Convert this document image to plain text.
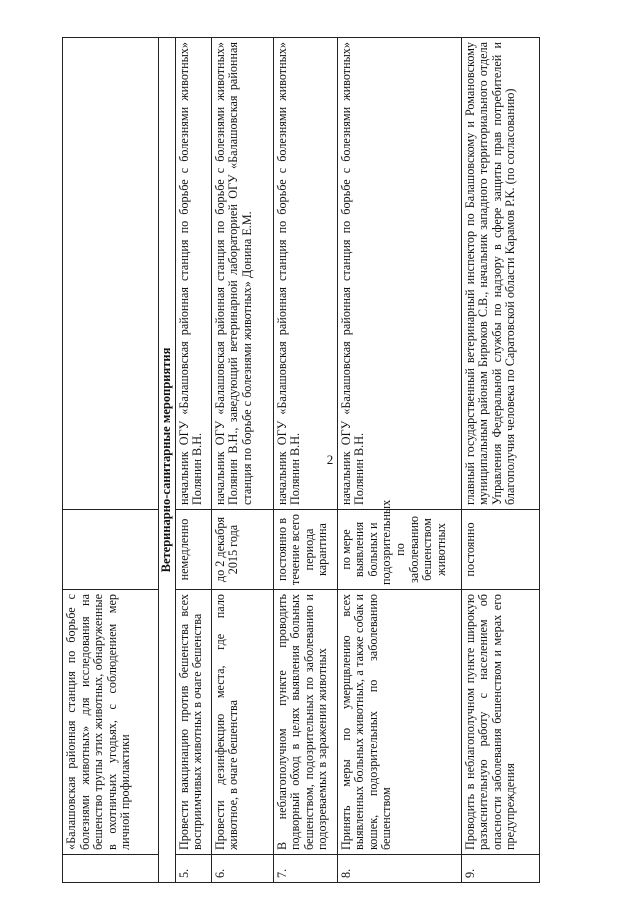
2
	«Балашовская районная станция по борьбе с болезнями животных» для исследования на бешенство трупы этих животных, обнаруженные в охотничьих угодьях, с соблюдением мер личной профилактики		
Ветеринарно-санитарные мероприятия			
5.	Провести вакцинацию против бешенства всех восприимчивых животных в очаге бешенства	немедленно	начальник ОГУ «Балашовская районная станция по борьбе с болезнями животных» Полянин В.Н.
6.	Провести дезинфекцию места, где пало животное, в очаге бешенства	до 2 декабря 2015 года	начальник ОГУ «Балашовская районная станция по борьбе с болезнями животных» Полянин В.Н., заведующий ветеринарной лабораторией ОГУ «Балашовская районная станция по борьбе с болезнями животных» Донина Е.М.
7.	В неблагополучном пункте проводить подворный обход в целях выявления больных бешенством, подозрительных по заболеванию и подозреваемых в заражении животных	постоянно в течение всего периода карантина	начальник ОГУ «Балашовская районная станция по борьбе с болезнями животных» Полянин В.Н.
8.	Принять меры по умерщвлению всех выявленных больных животных, а также собак и кошек, подозрительных по заболеванию бешенством	по мере выявления больных и подозрительных по заболеванию бешенством животных	начальник ОГУ «Балашовская районная станция по борьбе с болезнями животных» Полянин В.Н.
9.	Проводить в неблагополучном пункте широкую разъяснительную работу с населением об опасности заболевания бешенством и мерах его предупреждения	постоянно	главный государственный ветеринарный инспектор по Балашовскому и Романовскому муниципальным районам Бирюков С.В., начальник западного территориального отдела Управления Федеральной службы по надзору в сфере защиты прав потребителей и благополучия человека по Саратовской области Карамов Р.К. (по согласованию)
